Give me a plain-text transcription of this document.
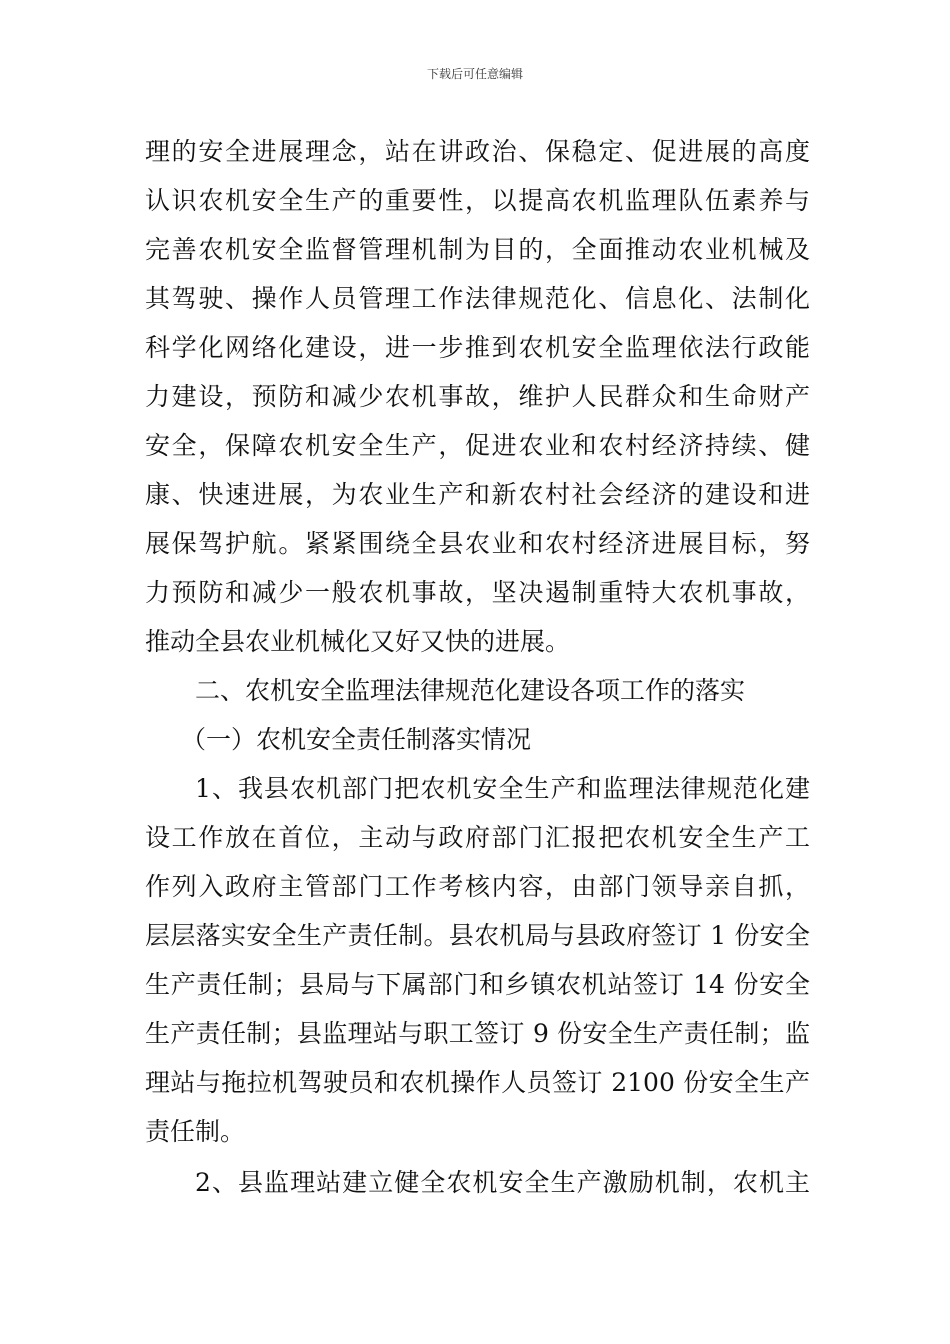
下载后可任意编辑
理的安全进展理念，站在讲政治、保稳定、促进展的高度
认识农机安全生产的重要性，以提高农机监理队伍素养与
完善农机安全监督管理机制为目的，全面推动农业机械及
其驾驶、操作人员管理工作法律规范化、信息化、法制化
科学化网络化建设，进一步推到农机安全监理依法行政能
力建设，预防和减少农机事故，维护人民群众和生命财产
安全，保障农机安全生产，促进农业和农村经济持续、健
康、快速进展，为农业生产和新农村社会经济的建设和进
展保驾护航。紧紧围绕全县农业和农村经济进展目标，努
力预防和减少一般农机事故，坚决遏制重特大农机事故，
推动全县农业机械化又好又快的进展。
二、农机安全监理法律规范化建设各项工作的落实
（一）农机安全责任制落实情况
1、我县农机部门把农机安全生产和监理法律规范化建
设工作放在首位，主动与政府部门汇报把农机安全生产工
作列入政府主管部门工作考核内容，由部门领导亲自抓，
层层落实安全生产责任制。县农机局与县政府签订 1 份安全
生产责任制；县局与下属部门和乡镇农机站签订 14 份安全
生产责任制；县监理站与职工签订 9 份安全生产责任制；监
理站与拖拉机驾驶员和农机操作人员签订 2100 份安全生产
责任制。
2、县监理站建立健全农机安全生产激励机制，农机主
